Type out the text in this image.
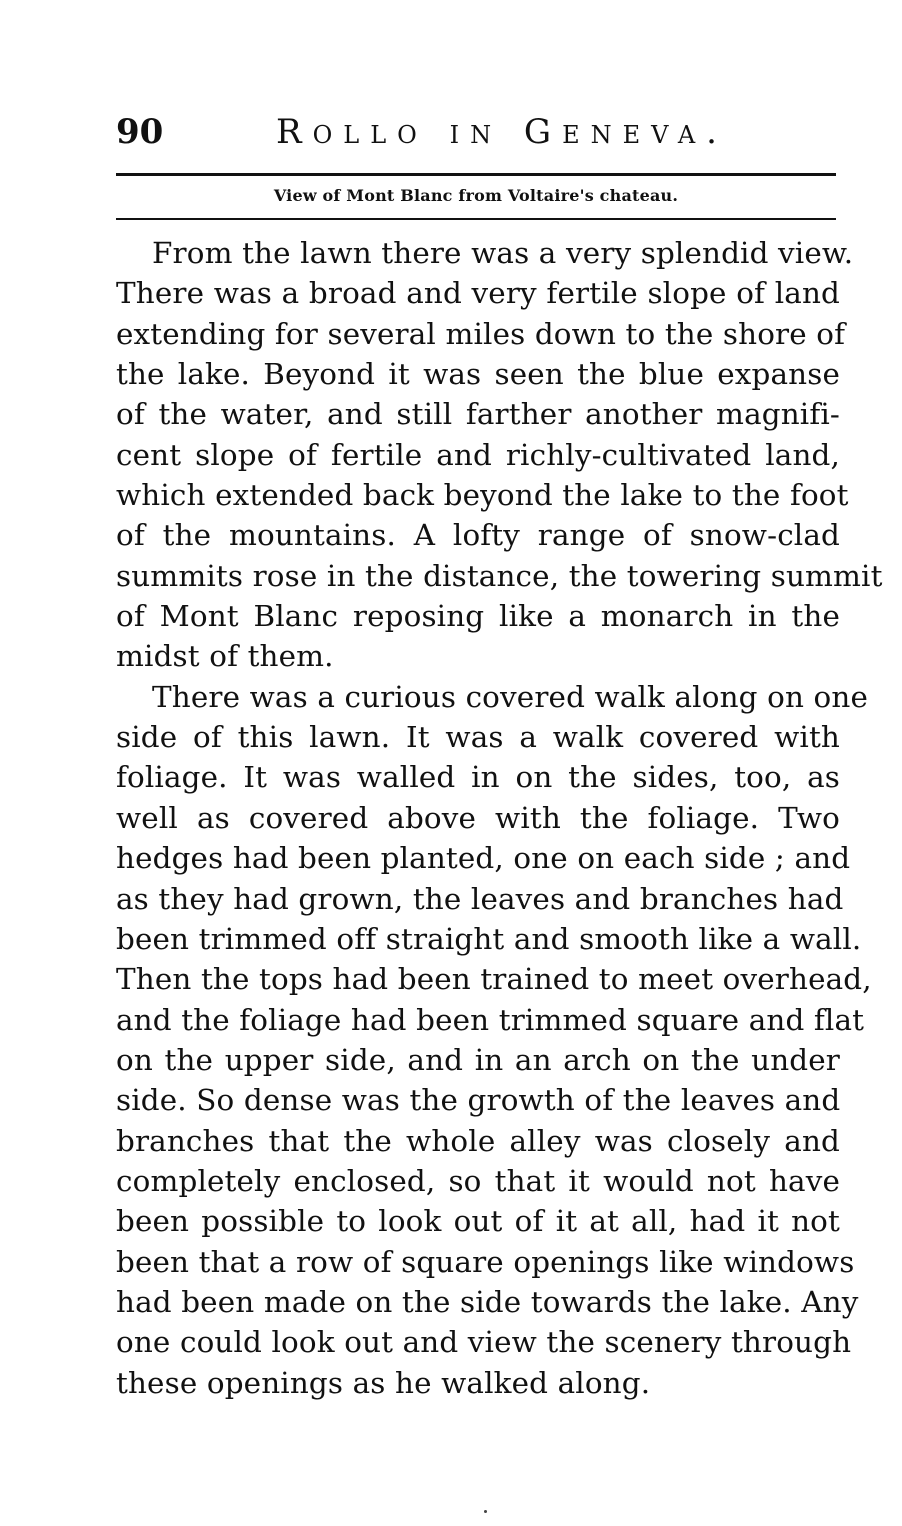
90	Rollo in Geneva.
View of Mont Blanc from Voltaire's chateau.

From the lawn there was a very splendid view.
There was a broad and very fertile slope of land
extending for several miles down to the shore of
the lake. Beyond it was seen the blue expanse
of the water, and still farther another magnifi-
cent slope of fertile and richly-cultivated land,
which extended back beyond the lake to the foot
of the mountains. A lofty range of snow-clad
summits rose in the distance, the towering summit
of Mont Blanc reposing like a monarch in the
midst of them.

There was a curious covered walk along on one
side of this lawn. It was a walk covered with
foliage. It was walled in on the sides, too, as
well as covered above with the foliage. Two
hedges had been planted, one on each side ; and
as they had grown, the leaves and branches had
been trimmed off straight and smooth like a wall.
Then the tops had been trained to meet overhead,
and the foliage had been trimmed square and flat
on the upper side, and in an arch on the under
side. So dense was the growth of the leaves and
branches that the whole alley was closely and
completely enclosed, so that it would not have
been possible to look out of it at all, had it not
been that a row of square openings like windows
had been made on the side towards the lake. Any
one could look out and view the scenery through
these openings as he walked along.
